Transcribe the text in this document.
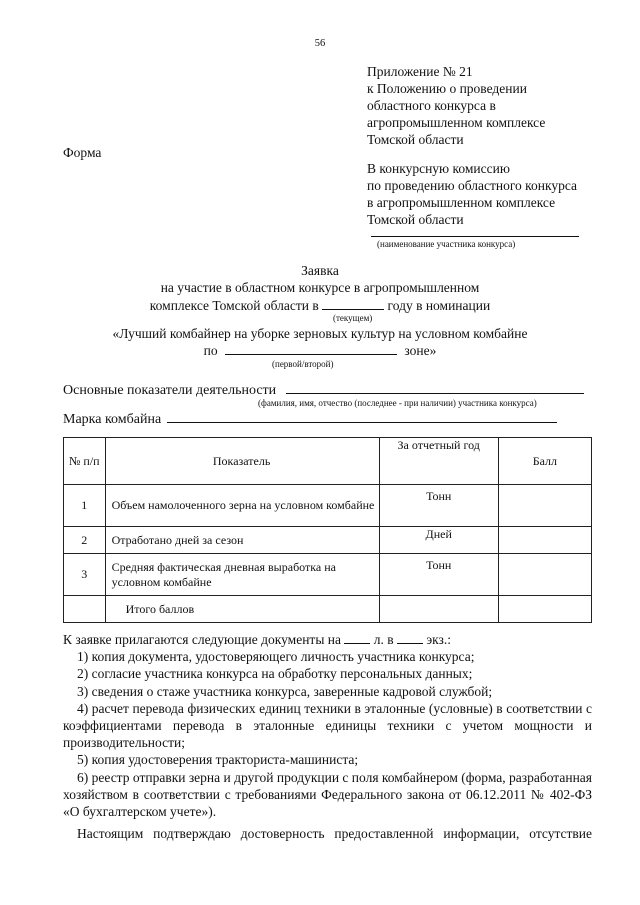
56
Приложение № 21
к Положению о проведении
областного конкурса в
агропромышленном комплексе
Томской области
Форма
В конкурсную комиссию
по проведению областного конкурса
в агропромышленном комплексе
Томской области
(наименование участника конкурса)
Заявка
на участие в областном конкурсе в агропромышленном
комплексе Томской области в	году в номинации
(текущем)
«Лучший комбайнер на уборке зерновых культур на условном комбайне
по	зоне»
(первой/второй)
Основные показатели деятельности
(фамилия, имя, отчество (последнее - при наличии) участника конкурса)
Марка комбайна
№ п/п	Показатель	За отчетный год	Балл
1	Объем намолоченного зерна на условном комбайне	Тонн	
2	Отработано дней за сезон	Дней	
3	Средняя фактическая дневная выработка на условном комбайне	Тонн	
	Итого баллов		

К заявке прилагаются следующие документы на л. в экз.:

1) копия документа, удостоверяющего личность участника конкурса;

2) согласие участника конкурса на обработку персональных данных;

3) сведения о стаже участника конкурса, заверенные кадровой службой;

4) расчет перевода физических единиц техники в эталонные (условные) в соответствии с коэффициентами перевода в эталонные единицы техники с учетом мощности и производительности;

5) копия удостоверения тракториста-машиниста;

6) реестр отправки зерна и другой продукции с поля комбайнером (форма, разработанная хозяйством в соответствии с требованиями Федерального закона от 06.12.2011 № 402-ФЗ «О бухгалтерском учете»).

Настоящим подтверждаю достоверность предоставленной информации, отсутствие
